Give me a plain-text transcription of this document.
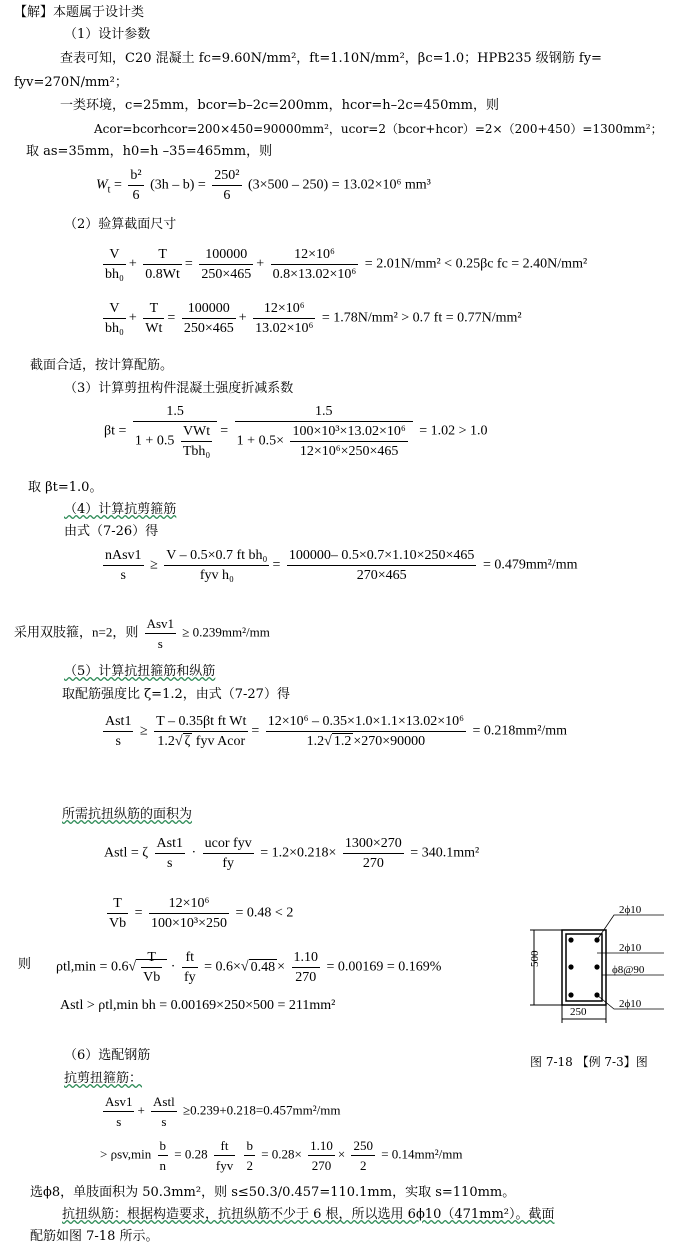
【解】本题属于设计类
（1）设计参数
查表可知，C20 混凝土 fc=9.60N/mm²，ft=1.10N/mm²，βc=1.0；HPB235 级钢筋 fy=
fyv=270N/mm²；
一类环境，c=25mm，bcor=b–2c=200mm，hcor=h–2c=450mm，则
Acor=bcorhcor=200×450=90000mm²，ucor=2（bcor+hcor）=2×（200+450）=1300mm²；
取 as=35mm，h0=h –35=465mm，则
$W_t = \frac{\text{b²}}{6} (3h - b) = \frac{\text{250²}}{6} (3\times 500 - 250) = 13.02\times 10^6$ mm³
（2）验算截面尺寸
$\frac{V}{\text{bh₀}} + \frac{T}{0.8Wt} = \frac{100000}{250\times 465} + \frac{\text{12×10⁶}}{\text{0.8×13.02×10⁶}} = 2.01N/mm^2 < 0.25\beta c$ fc = 2.40N/mm²
$\frac{V}{\text{bh₀}} + \frac{T}{Wt} = \frac{100000}{250\times 465} + \frac{\text{12×10⁶}}{\text{13.02×10⁶}} = 1.78N/mm^2 > 0.7$ ft = 0.77N/mm²
截面合适，按计算配筋。
（3）计算剪扭构件混凝土强度折减系数
$\beta t = \frac{1.5}{1 + 0.5 \frac{\text{VWt}}{\text{Tbh₀}}} = \frac{1.5}{1 + 0.5\times \frac{\text{100×10³×13.02×10⁶}}{\text{12×10⁶×250×465}}} = 1.02 > 1.0$
取 βt=1.0。
（4）计算抗剪箍筋
由式（7-26）得
$\frac{\text{nAsv1}}{s} \ge \frac{\text{V – 0.5×0.7 ft bh₀}}{\text{fyv h₀}} = \frac{100000- 0.5\times 0.7\times 1.10\times 250\times 465}{270\times 465} = 0.479mm^2/mm$
采用双肢箍，n=2，则 $\frac{\text{Asv1}}{s} \ge 0.239mm^2/mm$
（5）计算抗扭箍筋和纵筋
取配筋强度比 ζ=1.2，由式（7-27）得
$\frac{\text{Ast1}}{s} \ge \frac{\text{T – 0.35βt ft Wt}}{\text{1.2√ ζ fyv Acor}} = \frac{\text{12×10⁶ – 0.35×1.0×1.1×13.02×10⁶}}{1.2√ 1.2 \times 270\times 90000} = 0.218mm^2/mm$
所需抗扭纵筋的面积为
Astl = ζ $\frac{\text{Ast1}}{s} \cdot \frac{\text{ucor fyv}}{fy} = 1.2\times 0.218\times \frac{1300\times 270}{270} = 340.1mm^2$
$\frac{T}{Vb} = \frac{\text{12×10⁶}}{\text{100×10³×250}} = 0.48 < 2$
则 $\rho tl,\min = 0.6√ \frac{T}{Vb} \cdot \frac{ft}{fy} = 0.6\times√$ $0.48 \times \frac{1.10}{270} = 0.00169 = 0.169\%$
Astl > ρtl,min bh = 0.00169×250×500 = 211mm²
（6）选配钢筋
抗剪扭箍筋：
$\frac{\text{Asv1}}{s} + \frac{\text{Astl}}{s} \ge 0.239+0.218=0.457mm^2/mm$
> $\rho sv,\min \frac{b}{n} = 0.28 \frac{ft}{\text{fyv}}$
$\frac{b}{2} = 0.28\times \frac{1.10}{270} \times \frac{250}{2} = 0.14mm^2/mm$
选ϕ8，单肢面积为 50.3mm²，则 s≤50.3/0.457=110.1mm，实取 s=110mm。
抗扭纵筋：根据构造要求，抗扭纵筋不少于 6 根，所以选用 6ϕ10（471mm²）。截面
配筋如图 7-18 所示。
500
250
2ϕ10
2ϕ10
ϕ8@90
2ϕ10
图 7-18 【例 7-3】图
